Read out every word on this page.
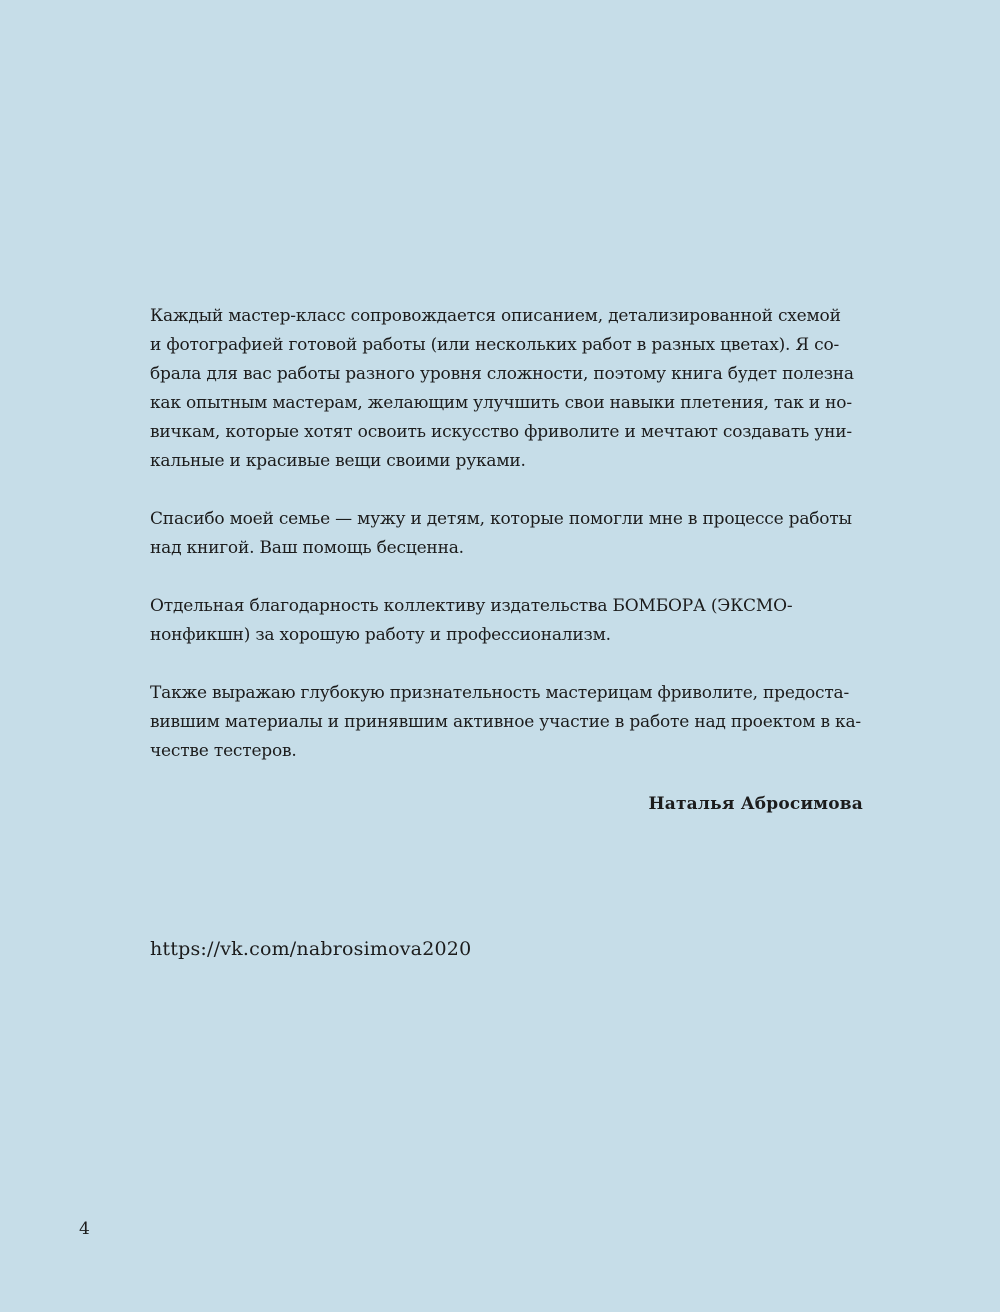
Каждый мастер-класс сопровождается описанием, детализированной схемой
и фотографией готовой работы (или нескольких работ в разных цветах). Я со-
брала для вас работы разного уровня сложности, поэтому книга будет полезна
как опытным мастерам, желающим улучшить свои навыки плетения, так и но-
вичкам, которые хотят освоить искусство фриволите и мечтают создавать уни-
кальные и красивые вещи своими руками.

Спасибо моей семье — мужу и детям, которые помогли мне в процессе работы
над книгой. Ваш помощь бесценна.

Отдельная благодарность коллективу издательства БОМБОРА (ЭКСМО-
нонфикшн) за хорошую работу и профессионализм.

Также выражаю глубокую признательность мастерицам фриволите, предоста-
вившим материалы и принявшим активное участие в работе над проектом в ка-
честве тестеров.

Наталья Абросимова
https://vk.com/nabrosimova2020
4
